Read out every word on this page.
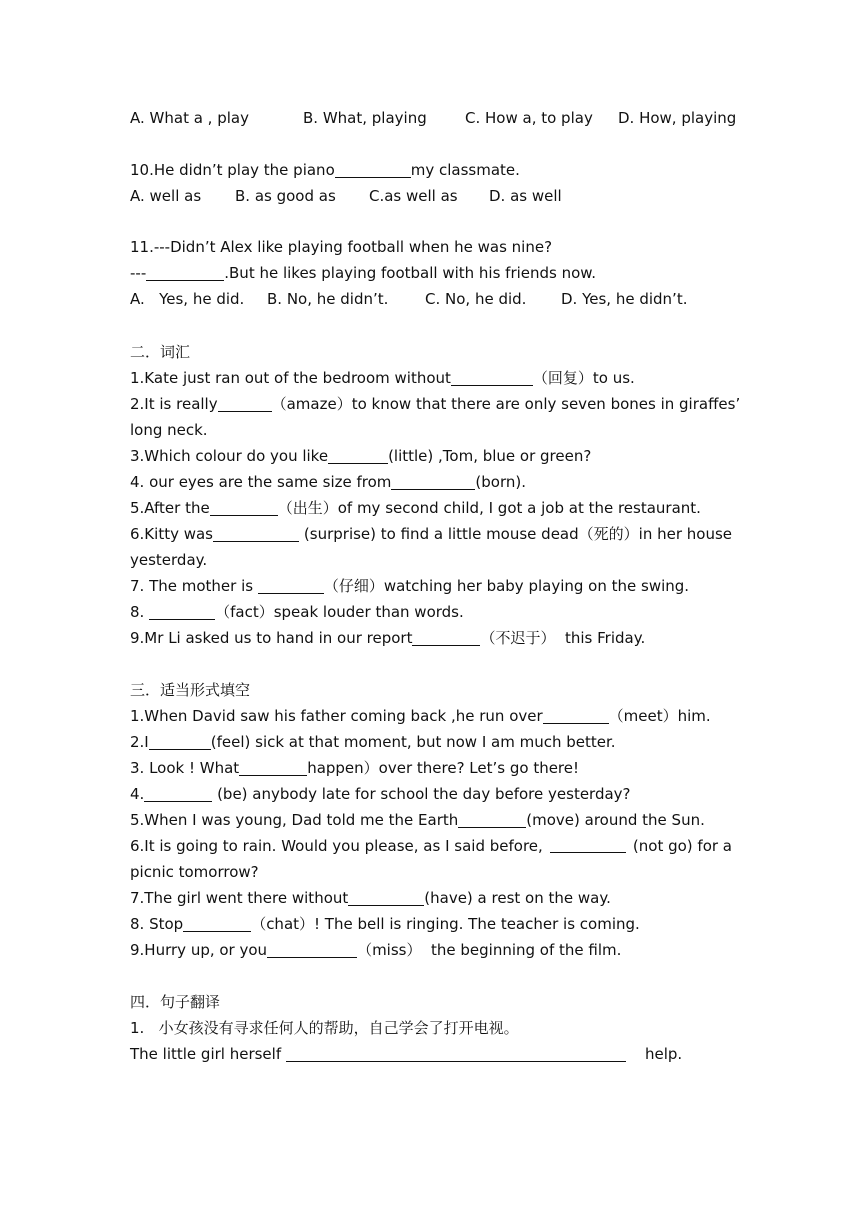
A. What a , play

	B. What, playing

	C. How a, to play

D. How, playing

10.He didn’t play the piano	my classmate.

A. well as

B. as good as

C.as well as

D. as well

11.---Didn’t Alex like playing football when he was nine?
---	.But he likes playing football with his friends now.

A.   Yes, he did.

B. No, he didn’t.

C. No, he did.

D. Yes, he didn’t.

二．词汇
1.Kate just ran out of the bedroom without	（回复）to us.
2.It is really	（amaze）to know that there are only seven bones in giraffes’
long neck.
3.Which colour do you like	(little) ,Tom, blue or green?
4. our eyes are the same size from	(born).
5.After the	（出生）of my second child, I got a job at the restaurant.
6.Kitty was	(surprise) to find a little mouse dead（死的）in her house
yesterday.
7. The mother is	（仔细）watching her baby playing on the swing.
8.	（fact）speak louder than words.
9.Mr Li asked us to hand in our report	（不迟于）  this Friday.
三．适当形式填空
1.When David saw his father coming back ,he run over	（meet）him.
2.I	(feel) sick at that moment, but now I am much better.
3. Look ! What	happen）over there? Let’s go there!
4.	(be) anybody late for school the day before yesterday?
5.When I was young, Dad told me the Earth	(move) around the Sun.
6.It is going to rain. Would you please, as I said before,	(not go) for a
picnic tomorrow?
7.The girl went there without	(have) a rest on the way.
8. Stop	（chat）! The bell is ringing. The teacher is coming.
9.Hurry up, or you	（miss）  the beginning of the film.
四．句子翻译
1.   小女孩没有寻求任何人的帮助，自己学会了打开电视。
The little girl herself	help.
